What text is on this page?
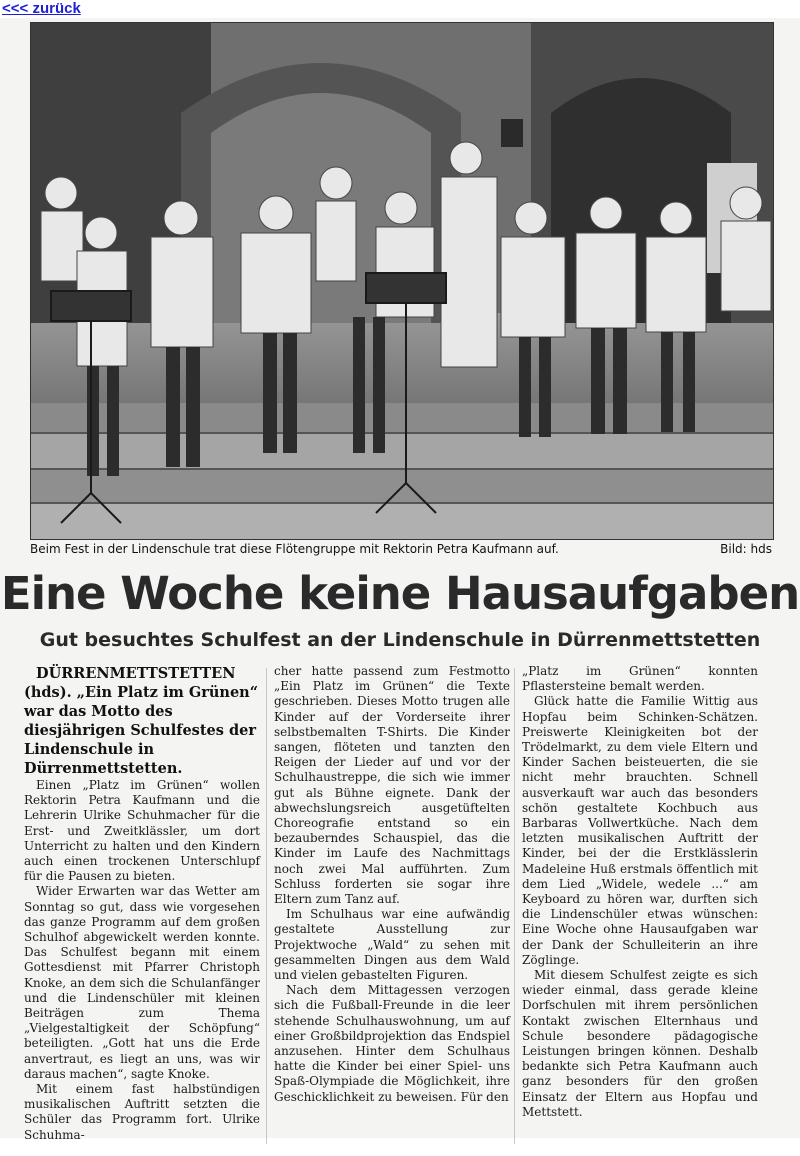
<<< zurück
Beim Fest in der Lindenschule trat diese Flötengruppe mit Rektorin Petra Kaufmann auf.	Bild: hds
Eine Woche keine Hausaufgaben
Gut besuchtes Schulfest an der Lindenschule in Dürrenmettstetten

DÜRRENMETTSTETTEN (hds). „Ein Platz im Grünen“ war das Motto des diesjährigen Schulfestes der Lindenschule in Dürrenmettstetten.

Einen „Platz im Grünen“ wollen Rektorin Petra Kaufmann und die Lehrerin Ulrike Schuhmacher für die Erst- und Zweitklässler, um dort Unterricht zu halten und den Kindern auch einen trockenen Unterschlupf für die Pausen zu bieten.

Wider Erwarten war das Wetter am Sonntag so gut, dass wie vorgesehen das ganze Programm auf dem großen Schulhof abgewickelt werden konnte. Das Schulfest begann mit einem Gottesdienst mit Pfarrer Christoph Knoke, an dem sich die Schulanfänger und die Lindenschüler mit kleinen Beiträgen zum Thema „Vielgestaltigkeit der Schöpfung“ beteiligten. „Gott hat uns die Erde anvertraut, es liegt an uns, was wir daraus machen“, sagte Knoke.

Mit einem fast halbstündigen musikalischen Auftritt setzten die Schüler das Programm fort. Ulrike Schuhma-

cher hatte passend zum Festmotto „Ein Platz im Grünen“ die Texte geschrieben. Dieses Motto trugen alle Kinder auf der Vorderseite ihrer selbstbemalten T-Shirts. Die Kinder sangen, flöteten und tanzten den Reigen der Lieder auf und vor der Schulhaustreppe, die sich wie immer gut als Bühne eignete. Dank der abwechslungsreich ausgetüftelten Choreografie entstand so ein bezauberndes Schauspiel, das die Kinder im Laufe des Nachmittags noch zwei Mal aufführten. Zum Schluss forderten sie sogar ihre Eltern zum Tanz auf.

Im Schulhaus war eine aufwändig gestaltete Ausstellung zur Projektwoche „Wald“ zu sehen mit gesammelten Dingen aus dem Wald und vielen gebastelten Figuren.

Nach dem Mittagessen verzogen sich die Fußball-Freunde in die leer stehende Schulhauswohnung, um auf einer Großbildprojektion das Endspiel anzusehen. Hinter dem Schulhaus hatte die Kinder bei einer Spiel- uns Spaß-Olympiade die Möglichkeit, ihre Geschicklichkeit zu beweisen. Für den

„Platz im Grünen“ konnten Pflastersteine bemalt werden.

Glück hatte die Familie Wittig aus Hopfau beim Schinken-Schätzen. Preiswerte Kleinigkeiten bot der Trödelmarkt, zu dem viele Eltern und Kinder Sachen beisteuerten, die sie nicht mehr brauchten. Schnell ausverkauft war auch das besonders schön gestaltete Kochbuch aus Barbaras Vollwertküche. Nach dem letzten musikalischen Auftritt der Kinder, bei der die Erstklässlerin Madeleine Huß erstmals öffentlich mit dem Lied „Widele, wedele ...“ am Keyboard zu hören war, durften sich die Lindenschüler etwas wünschen: Eine Woche ohne Hausaufgaben war der Dank der Schulleiterin an ihre Zöglinge.

Mit diesem Schulfest zeigte es sich wieder einmal, dass gerade kleine Dorfschulen mit ihrem persönlichen Kontakt zwischen Elternhaus und Schule besondere pädagogische Leistungen bringen können. Deshalb bedankte sich Petra Kaufmann auch ganz besonders für den großen Einsatz der Eltern aus Hopfau und Mettstett.
